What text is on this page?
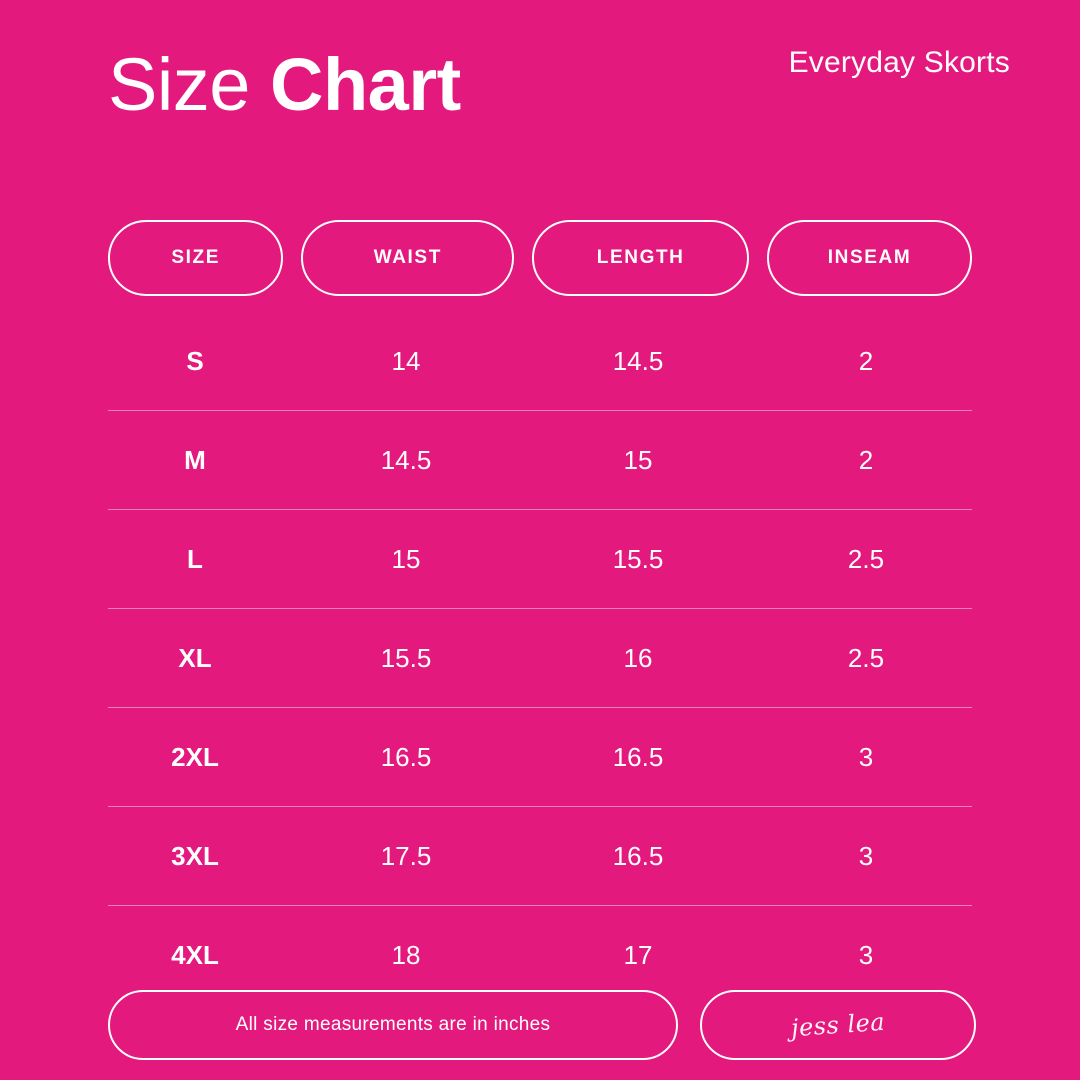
Size Chart	Everyday Skorts
SIZE	WAIST	LENGTH	INSEAM
S	14	14.5	2
M	14.5	15	2
L	15	15.5	2.5
XL	15.5	16	2.5
2XL	16.5	16.5	3
3XL	17.5	16.5	3
4XL	18	17	3
All size measurements are in inches	jess lea
